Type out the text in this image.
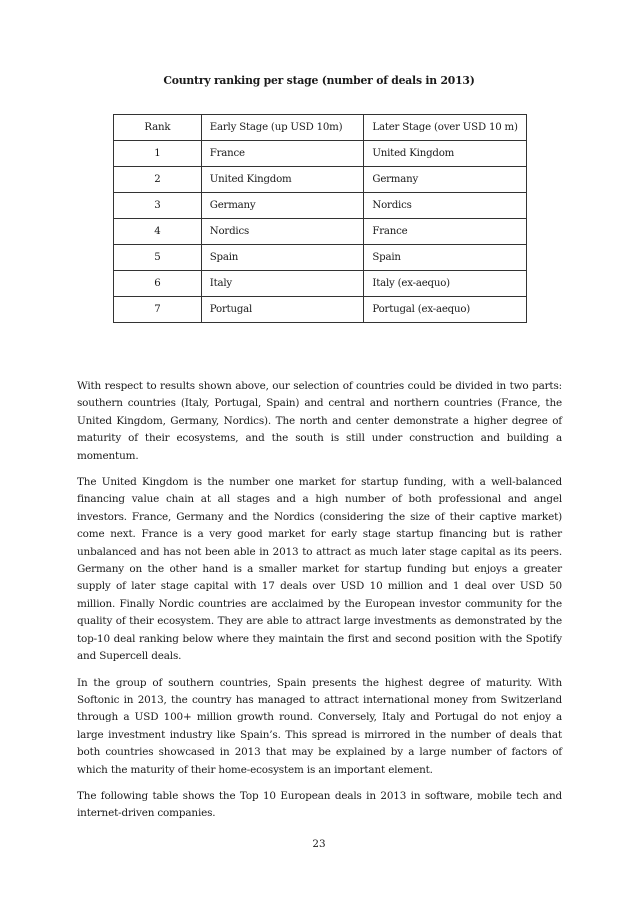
Country ranking per stage (number of deals in 2013)
Rank	Early Stage (up USD 10m)	Later Stage (over USD 10 m)
1	France	United Kingdom
2	United Kingdom	Germany
3	Germany	Nordics
4	Nordics	France
5	Spain	Spain
6	Italy	Italy (ex-aequo)
7	Portugal	Portugal (ex-aequo)

With respect to results shown above, our selection of countries could be divided in two parts: southern countries (Italy, Portugal, Spain) and central and northern countries (France, the United Kingdom, Germany, Nordics). The north and center demonstrate a higher degree of maturity of their ecosystems, and the south is still under construction and building a momentum.

The United Kingdom is the number one market for startup funding, with a well-balanced financing value chain at all stages and a high number of both professional and angel investors. France, Germany and the Nordics (considering the size of their captive market) come next. France is a very good market for early stage startup financing but is rather unbalanced and has not been able in 2013 to attract as much later stage capital as its peers. Germany on the other hand is a smaller market for startup funding but enjoys a greater supply of later stage capital with 17 deals over USD 10 million and 1 deal over USD 50 million. Finally Nordic countries are acclaimed by the European investor community for the quality of their ecosystem. They are able to attract large investments as demonstrated by the top-10 deal ranking below where they maintain the first and second position with the Spotify and Supercell deals.

In the group of southern countries, Spain presents the highest degree of maturity. With Softonic in 2013, the country has managed to attract international money from Switzerland through a USD 100+ million growth round. Conversely, Italy and Portugal do not enjoy a large investment industry like Spain’s. This spread is mirrored in the number of deals that both countries showcased in 2013 that may be explained by a large number of factors of which the maturity of their home-ecosystem is an important element.

The following table shows the Top 10 European deals in 2013 in software, mobile tech and internet-driven companies.

23
